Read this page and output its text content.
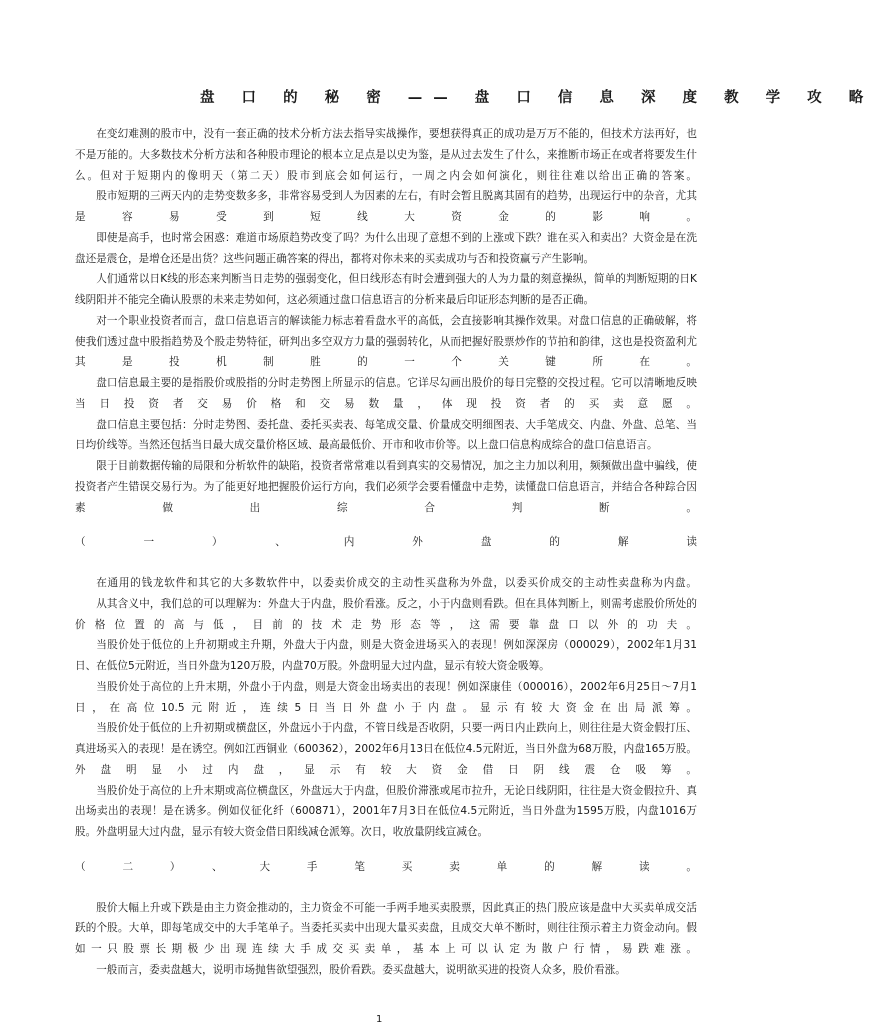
盘 口 的 秘 密 —— 盘 口 信 息 深 度 教 学 攻 略

在变幻难测的股市中，没有一套正确的技术分析方法去指导实战操作，要想获得真正的成功是万万不能的，但技术方法再好，也不是万能的。大多数技术分析方法和各种股市理论的根本立足点是以史为鉴，是从过去发生了什么，来推断市场正在或者将要发生什么。但对于短期内的像明天（第二天）股市到底会如何运行，一周之内会如何演化，则往往难以给出正确的答案。

股市短期的三两天内的走势变数多多，非常容易受到人为因素的左右，有时会暂且脱离其固有的趋势，出现运行中的杂音，尤其是容易受到短线大资金的影响。

即使是高手，也时常会困惑：难道市场原趋势改变了吗？为什么出现了意想不到的上涨或下跌？谁在买入和卖出？大资金是在洗盘还是震仓，是增仓还是出货？这些问题正确答案的得出，都将对你未来的买卖成功与否和投资赢亏产生影响。

人们通常以日K线的形态来判断当日走势的强弱变化，但日线形态有时会遭到强大的人为力量的刻意操纵，简单的判断短期的日K线阴阳并不能完全确认股票的未来走势如何，这必须通过盘口信息语言的分析来最后印证形态判断的是否正确。

对一个职业投资者而言，盘口信息语言的解读能力标志着看盘水平的高低，会直接影响其操作效果。对盘口信息的正确破解，将使我们透过盘中股指趋势及个股走势特征，研判出多空双方力量的强弱转化，从而把握好股票炒作的节拍和韵律，这也是投资盈利尤其是投机制胜的一个关键所在。

盘口信息最主要的是指股价或股指的分时走势图上所显示的信息。它详尽勾画出股价的每日完整的交投过程。它可以清晰地反映当日投资者交易价格和交易数量，体现投资者的买卖意愿。

盘口信息主要包括：分时走势图、委托盘、委托买卖表、每笔成交量、价量成交明细图表、大手笔成交、内盘、外盘、总笔、当日均价线等。当然还包括当日最大成交量价格区域、最高最低价、开市和收市价等。以上盘口信息构成综合的盘口信息语言。

限于目前数据传输的局限和分析软件的缺陷，投资者常常难以看到真实的交易情况，加之主力加以利用，频频做出盘中骗线，使投资者产生错误交易行为。为了能更好地把握股价运行方向，我们必须学会要看懂盘中走势，读懂盘口信息语言，并结合各种踪合因素做出综合判断。

（一）、内外盘的解读

在通用的钱龙软件和其它的大多数软件中，以委卖价成交的主动性买盘称为外盘，以委买价成交的主动性卖盘称为内盘。

从其含义中，我们总的可以理解为：外盘大于内盘，股价看涨。反之，小于内盘则看跌。但在具体判断上，则需考虑股价所处的价格位置的高与低，目前的技术走势形态等，这需要靠盘口以外的功夫。

当股价处于低位的上升初期或主升期，外盘大于内盘，则是大资金进场买入的表现！例如深深房（000029），2002年1月31日、在低位5元附近，当日外盘为120万股，内盘70万股。外盘明显大过内盘，显示有较大资金吸筹。

当股价处于高位的上升末期，外盘小于内盘，则是大资金出场卖出的表现！例如深康佳（000016），2002年6月25日～7月1日，在高位10.5元附近，连续5日当日外盘小于内盘。显示有较大资金在出局派筹。

当股价处于低位的上升初期或横盘区，外盘远小于内盘，不管日线是否收阴，只要一两日内止跌向上，则往往是大资金假打压、真进场买入的表现！是在诱空。例如江西铜业（600362），2002年6月13日在低位4.5元附近，当日外盘为68万股，内盘165万股。外盘明显小过内盘，显示有较大资金借日阴线震仓吸筹。

当股价处于高位的上升末期或高位横盘区，外盘远大于内盘，但股价滞涨或尾市拉升，无论日线阴阳，往往是大资金假拉升、真出场卖出的表现！是在诱多。例如仪征化纤（600871），2001年7月3日在低位4.5元附近，当日外盘为1595万股，内盘1016万股。外盘明显大过内盘，显示有较大资金借日阳线减仓派筹。次日，收放量阴线宣减仓。

（二）、大手笔买卖单的解读。

股价大幅上升或下跌是由主力资金推动的，主力资金不可能一手两手地买卖股票，因此真正的热门股应该是盘中大买卖单成交活跃的个股。大单，即每笔成交中的大手笔单子。当委托买卖中出现大量买卖盘，且成交大单不断时，则往往预示着主力资金动向。假如一只股票长期极少出现连续大手成交买卖单，基本上可以认定为散户行情，易跌难涨。

一般而言，委卖盘越大，说明市场抛售欲望强烈，股价看跌。委买盘越大，说明欲买进的投资人众多，股价看涨。

1
